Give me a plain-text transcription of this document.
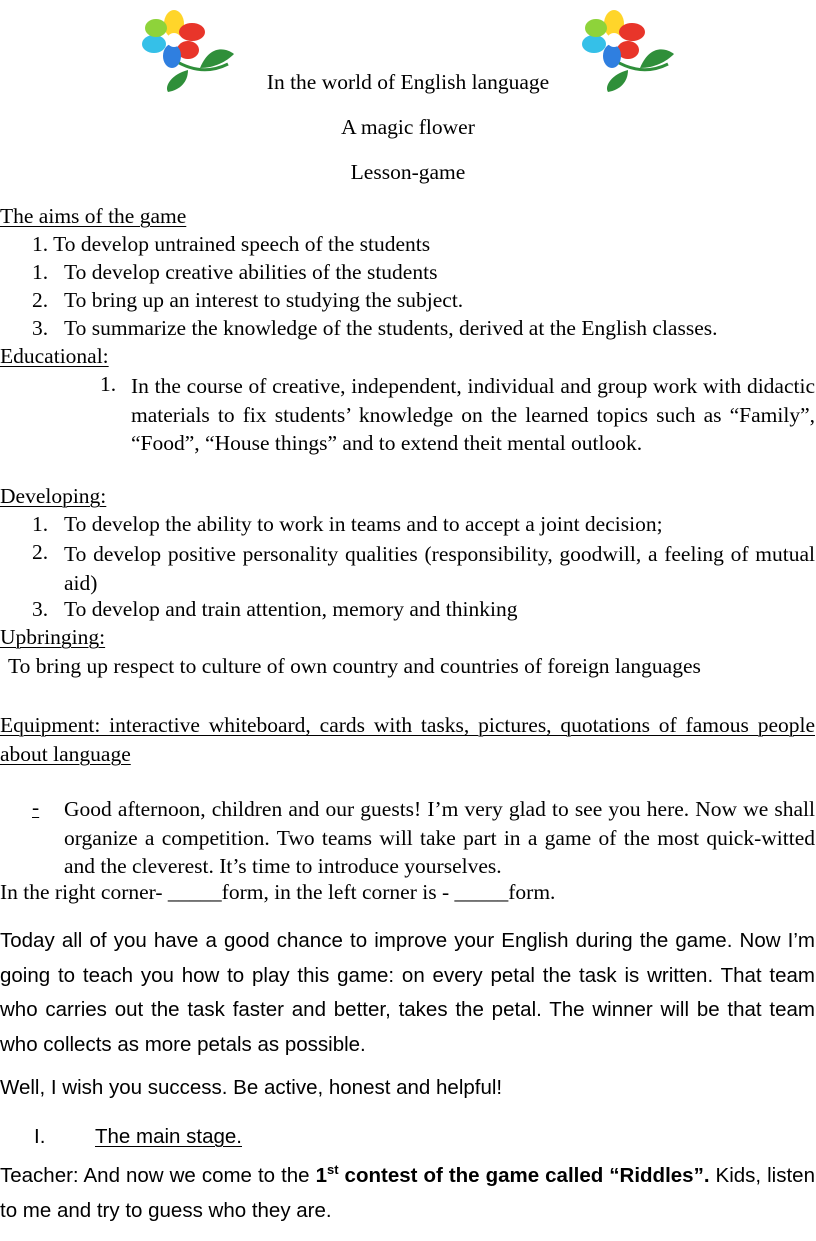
In the world of English language
A magic flower
Lesson-game
The aims of the game
1. To develop untrained speech of the students
1. To develop creative abilities of the students
2. To bring up an interest to studying the subject.
3. To summarize the knowledge of the students, derived at the English classes.
Educational:
1. In the course of creative, independent, individual and group work with didactic materials to fix students’ knowledge on the learned topics such as “Family”, “Food”, “House things” and to extend theit mental outlook.
Developing:
1. To develop the ability to work in teams and to accept a joint decision;
2. To develop positive personality qualities (responsibility, goodwill, a feeling of mutual aid)
3. To develop and train attention, memory and thinking
Upbringing:
To bring up respect to culture of own country and countries of foreign languages
Equipment: interactive whiteboard, cards with tasks, pictures, quotations of famous people about language
- Good afternoon, children and our guests! I’m very glad to see you here. Now we shall organize a competition. Two teams will take part in a game of the most quick-witted and the cleverest. It’s time to introduce yourselves.
In the right corner- _____form, in the left corner is - _____form.
Today all of you have a good chance to improve your English during the game. Now I’m going to teach you how to play this game: on every petal the task is written. That team who carries out the task faster and better, takes the petal. The winner will be that team who collects as more petals as possible.
Well, I wish you success. Be active, honest and helpful!
I. The main stage.
Teacher: And now we come to the 1st contest of the game called “Riddles”. Kids, listen to me and try to guess who they are.
